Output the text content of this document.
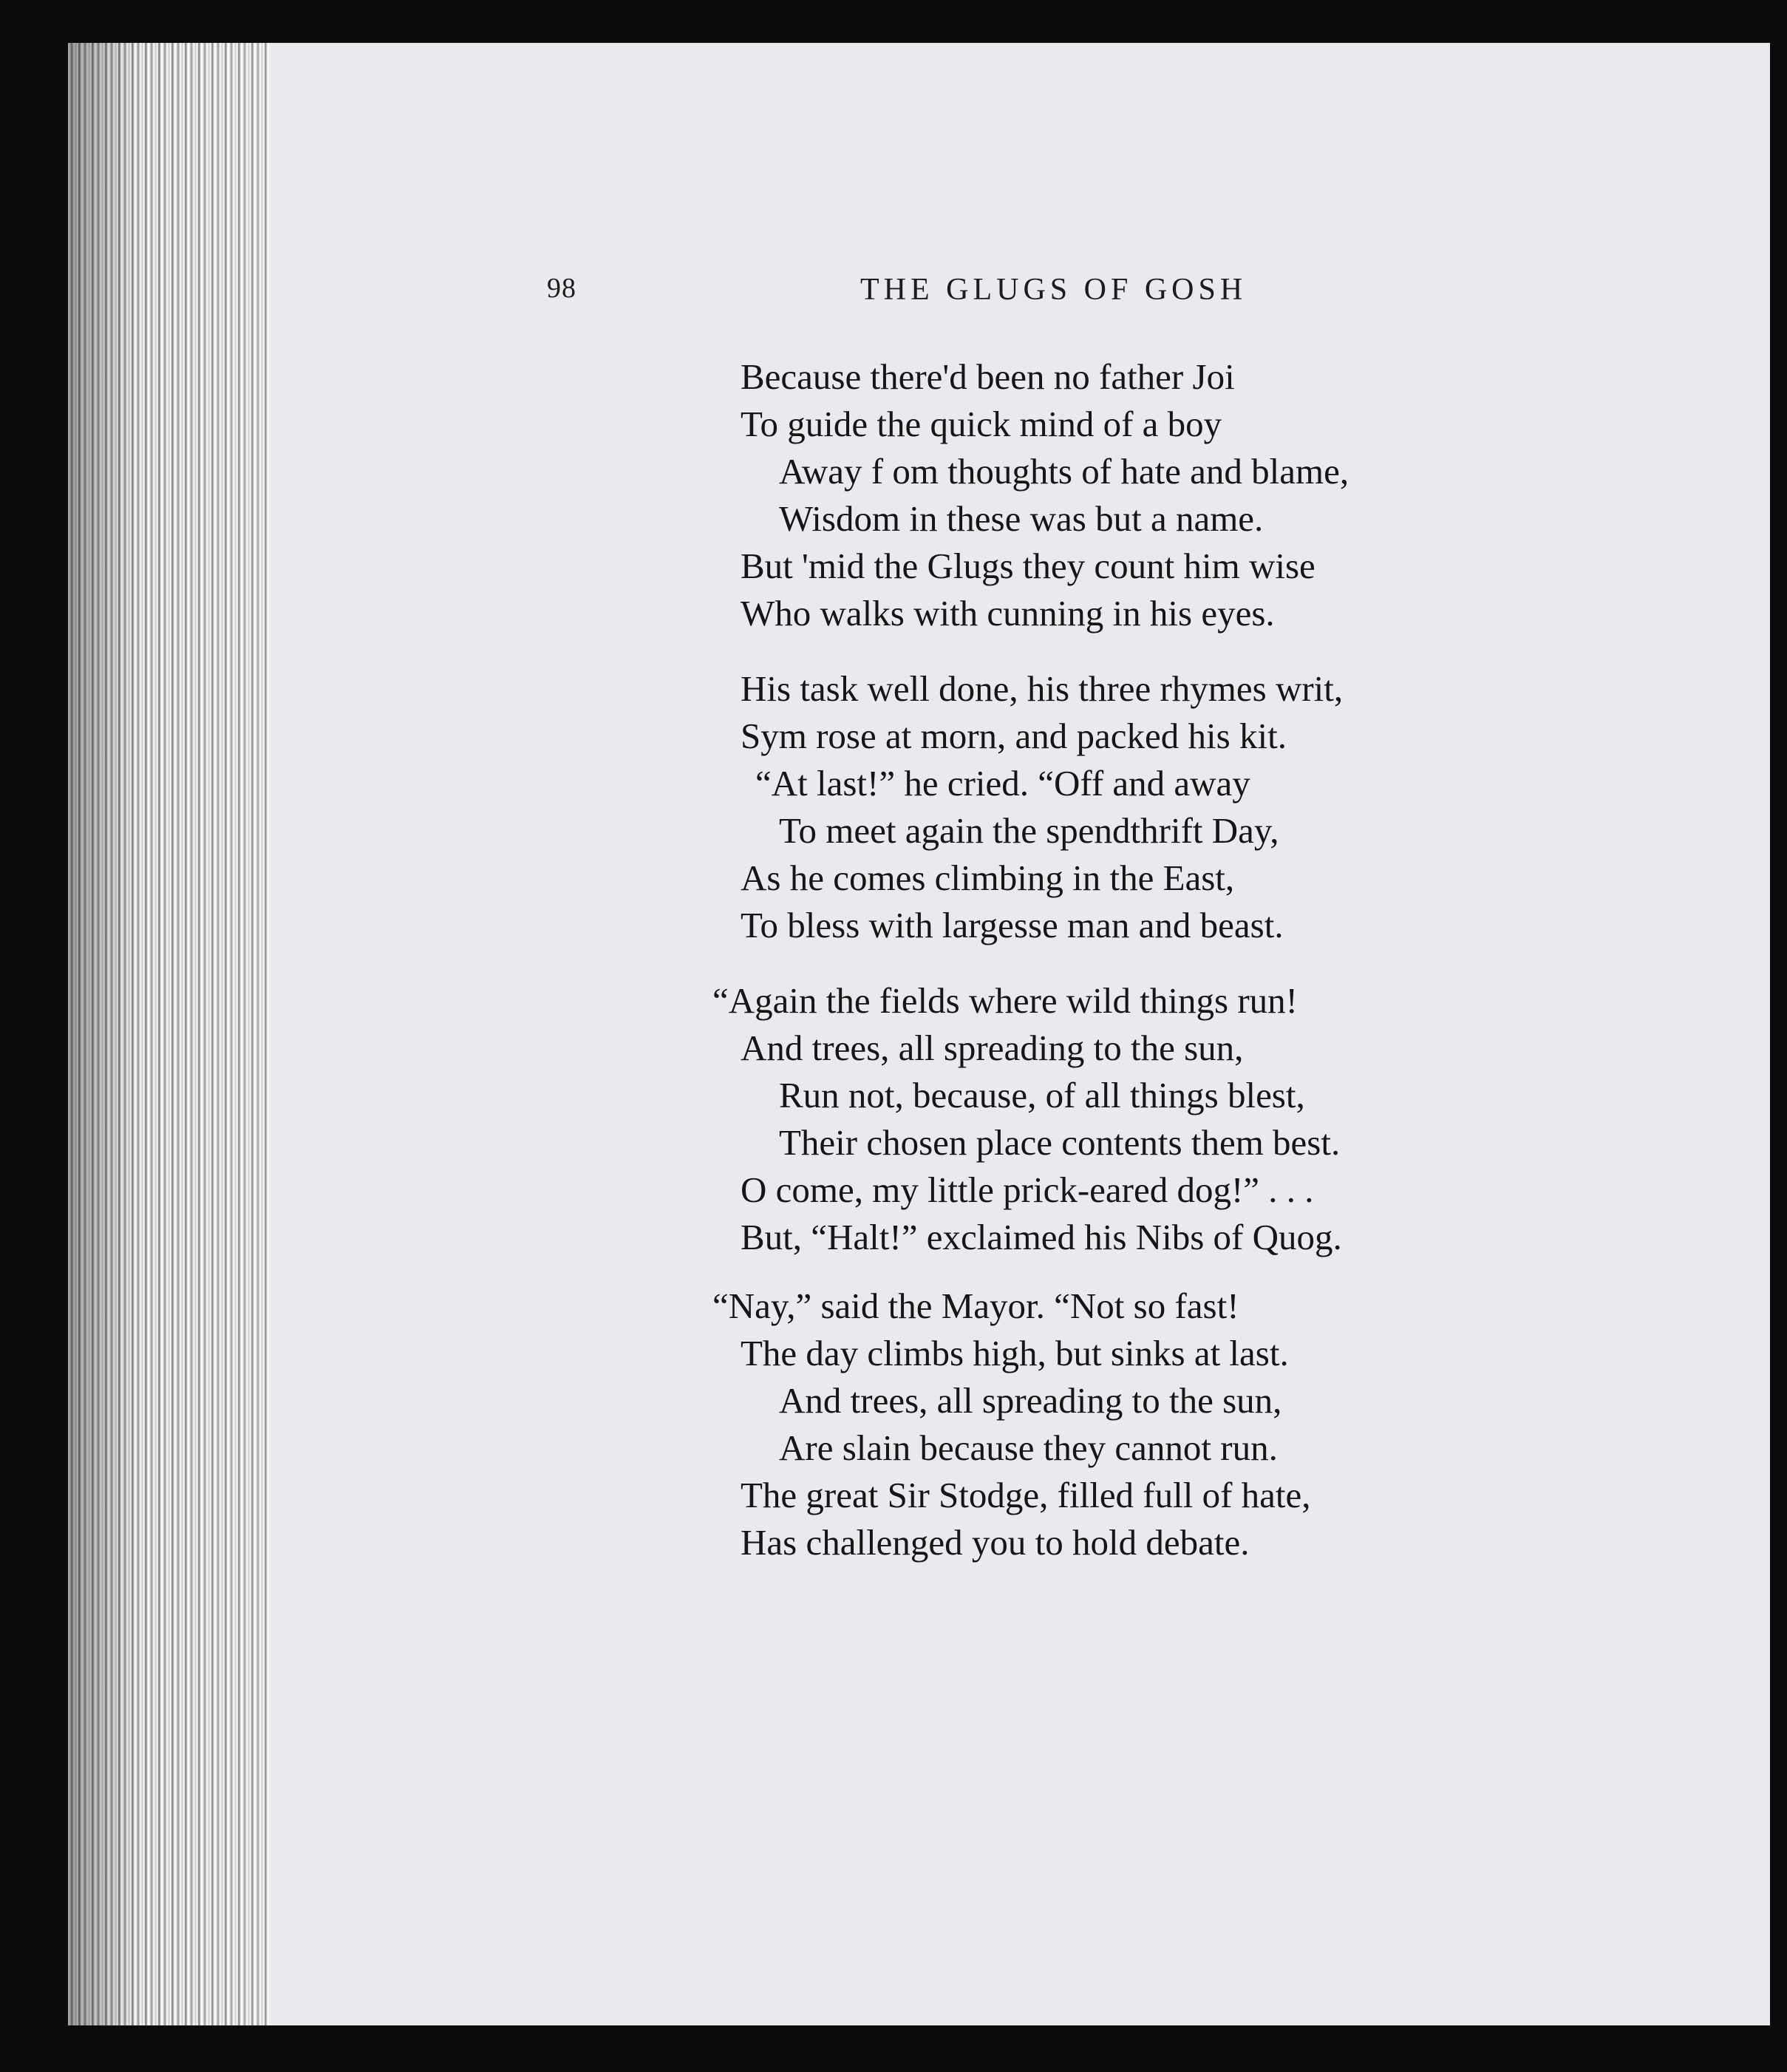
98	THE GLUGS OF GOSH
Because there'd been no father Joi
To guide the quick mind of a boy
Away f om thoughts of hate and blame,
Wisdom in these was but a name.
But 'mid the Glugs they count him wise
Who walks with cunning in his eyes.
His task well done, his three rhymes writ,
Sym rose at morn, and packed his kit.
“At last!” he cried. “Off and away
To meet again the spendthrift Day,
As he comes climbing in the East,
To bless with largesse man and beast.
“Again the fields where wild things run!
And trees, all spreading to the sun,
Run not, because, of all things blest,
Their chosen place contents them best.
O come, my little prick-eared dog!” . . .
But, “Halt!” exclaimed his Nibs of Quog.
“Nay,” said the Mayor. “Not so fast!
The day climbs high, but sinks at last.
And trees, all spreading to the sun,
Are slain because they cannot run.
The great Sir Stodge, filled full of hate,
Has challenged you to hold debate.
